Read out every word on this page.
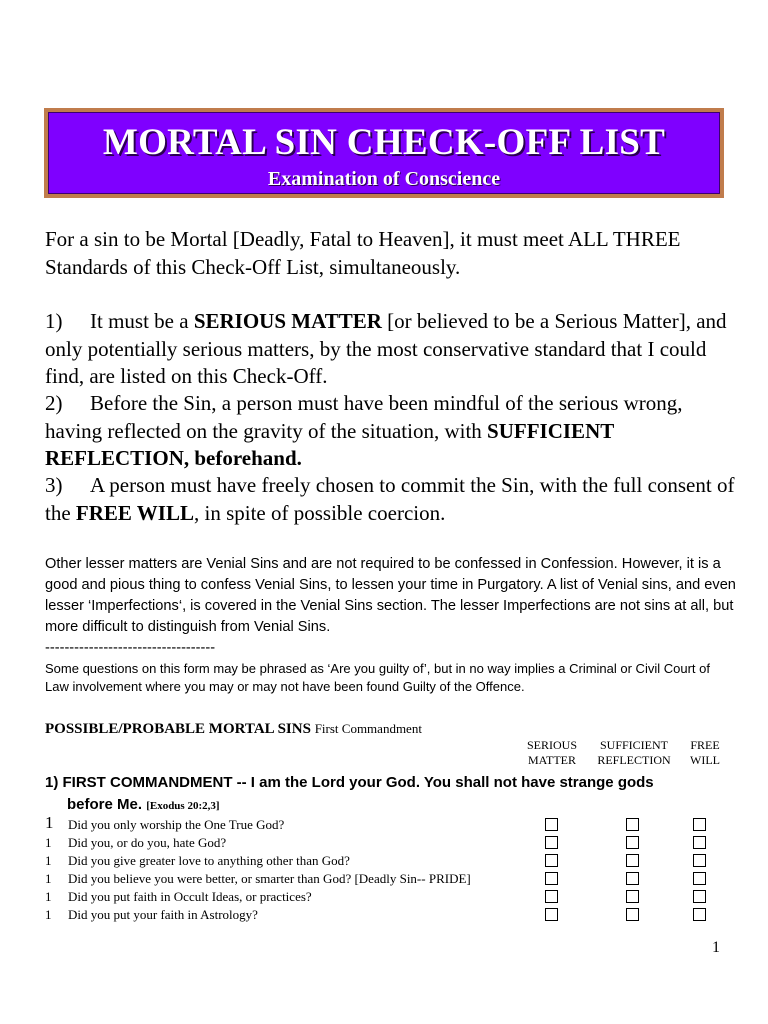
MORTAL SIN CHECK-OFF LIST
Examination of Conscience
For a sin to be Mortal [Deadly, Fatal to Heaven], it must meet ALL THREE Standards of this Check-Off List, simultaneously.
1) It must be a SERIOUS MATTER [or believed to be a Serious Matter], and only potentially serious matters, by the most conservative standard that I could find, are listed on this Check-Off.
2) Before the Sin, a person must have been mindful of the serious wrong, having reflected on the gravity of the situation, with SUFFICIENT REFLECTION, beforehand.
3) A person must have freely chosen to commit the Sin, with the full consent of the FREE WILL, in spite of possible coercion.
Other lesser matters are Venial Sins and are not required to be confessed in Confession. However, it is a good and pious thing to confess Venial Sins, to lessen your time in Purgatory. A list of Venial sins, and even lesser ‘Imperfections‘, is covered in the Venial Sins section. The lesser Imperfections are not sins at all, but more difficult to distinguish from Venial Sins.
-----------------------------------
Some questions on this form may be phrased as ‘Are you guilty of’, but in no way implies a Criminal or Civil Court of Law involvement where you may or may not have been found Guilty of the Offence.
POSSIBLE/PROBABLE MORTAL SINS First Commandment
SERIOUS
MATTER
SUFFICIENT
REFLECTION
FREE
WILL
1) FIRST COMMANDMENT -- I am the Lord your God. You shall not have strange gods
before Me. [Exodus 20:2,3]
1 Did you only worship the One True God?
1 Did you, or do you, hate God?
1 Did you give greater love to anything other than God?
1 Did you believe you were better, or smarter than God? [Deadly Sin-- PRIDE]
1 Did you put faith in Occult Ideas, or practices?
1 Did you put your faith in Astrology?
1
